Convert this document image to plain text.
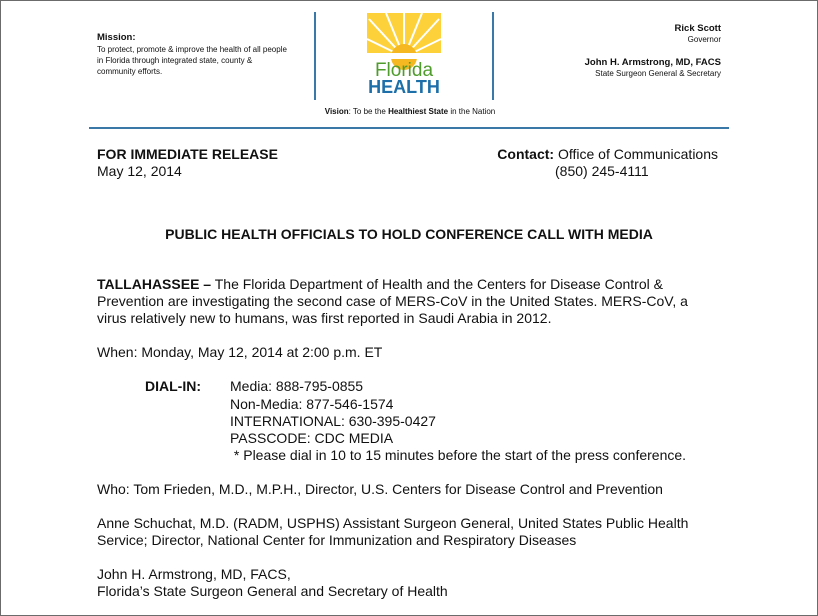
Mission:
To protect, promote & improve the health of all people in Florida through integrated state, county & community efforts.	Florida
HEALTH
Vision: To be the Healthiest State in the Nation
Rick Scott
Governor
John H. Armstrong, MD, FACS
State Surgeon General & Secretary
FOR IMMEDIATE RELEASE
May 12, 2014
Contact: Office of Communications
(850) 245-4111
PUBLIC HEALTH OFFICIALS TO HOLD CONFERENCE CALL WITH MEDIA
TALLAHASSEE – The Florida Department of Health and the Centers for Disease Control &
Prevention are investigating the second case of MERS-CoV in the United States. MERS-CoV, a
virus relatively new to humans, was first reported in Saudi Arabia in 2012.
When: Monday, May 12, 2014 at 2:00 p.m. ET
DIAL-IN: Media: 888-795-0855
Non-Media: 877-546-1574
INTERNATIONAL: 630-395-0427
PASSCODE: CDC MEDIA
* Please dial in 10 to 15 minutes before the start of the press conference.
Who: Tom Frieden, M.D., M.P.H., Director, U.S. Centers for Disease Control and Prevention
Anne Schuchat, M.D. (RADM, USPHS) Assistant Surgeon General, United States Public Health
Service; Director, National Center for Immunization and Respiratory Diseases
John H. Armstrong, MD, FACS,
Florida’s State Surgeon General and Secretary of Health
